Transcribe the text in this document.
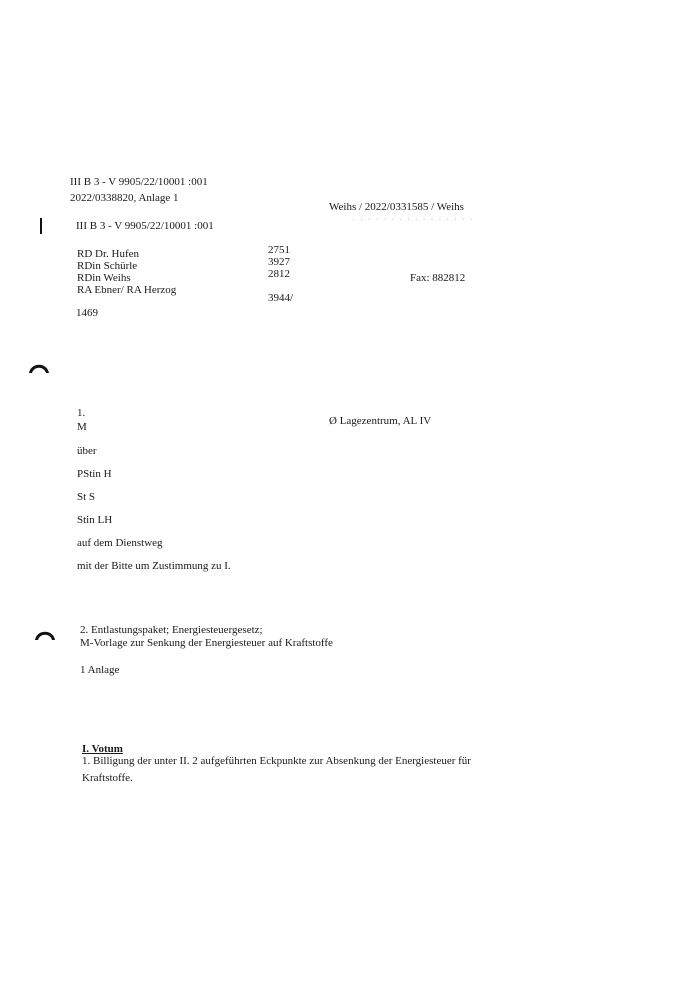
III B 3 - V 9905/22/10001 :001
2022/0338820, Anlage 1
Weihs / 2022/0331585 / Weihs
· · · · · · · · · · · · · · · ·
III B 3 - V 9905/22/10001 :001
RD Dr. Hufen
RDin Schürle
RDin Weihs
RA Ebner/ RA Herzog
2751
3927
2812
3944/
Fax: 882812
1469
1.
M	Ø Lagezentrum, AL IV
über
PStin H
St S
Stin LH
auf dem Dienstweg
mit der Bitte um Zustimmung zu I.
2. Entlastungspaket; Energiesteuergesetz;
M-Vorlage zur Senkung der Energiesteuer auf Kraftstoffe
1 Anlage
I. Votum
1. Billigung der unter II. 2 aufgeführten Eckpunkte zur Absenkung der Energiesteuer für
Kraftstoffe.
